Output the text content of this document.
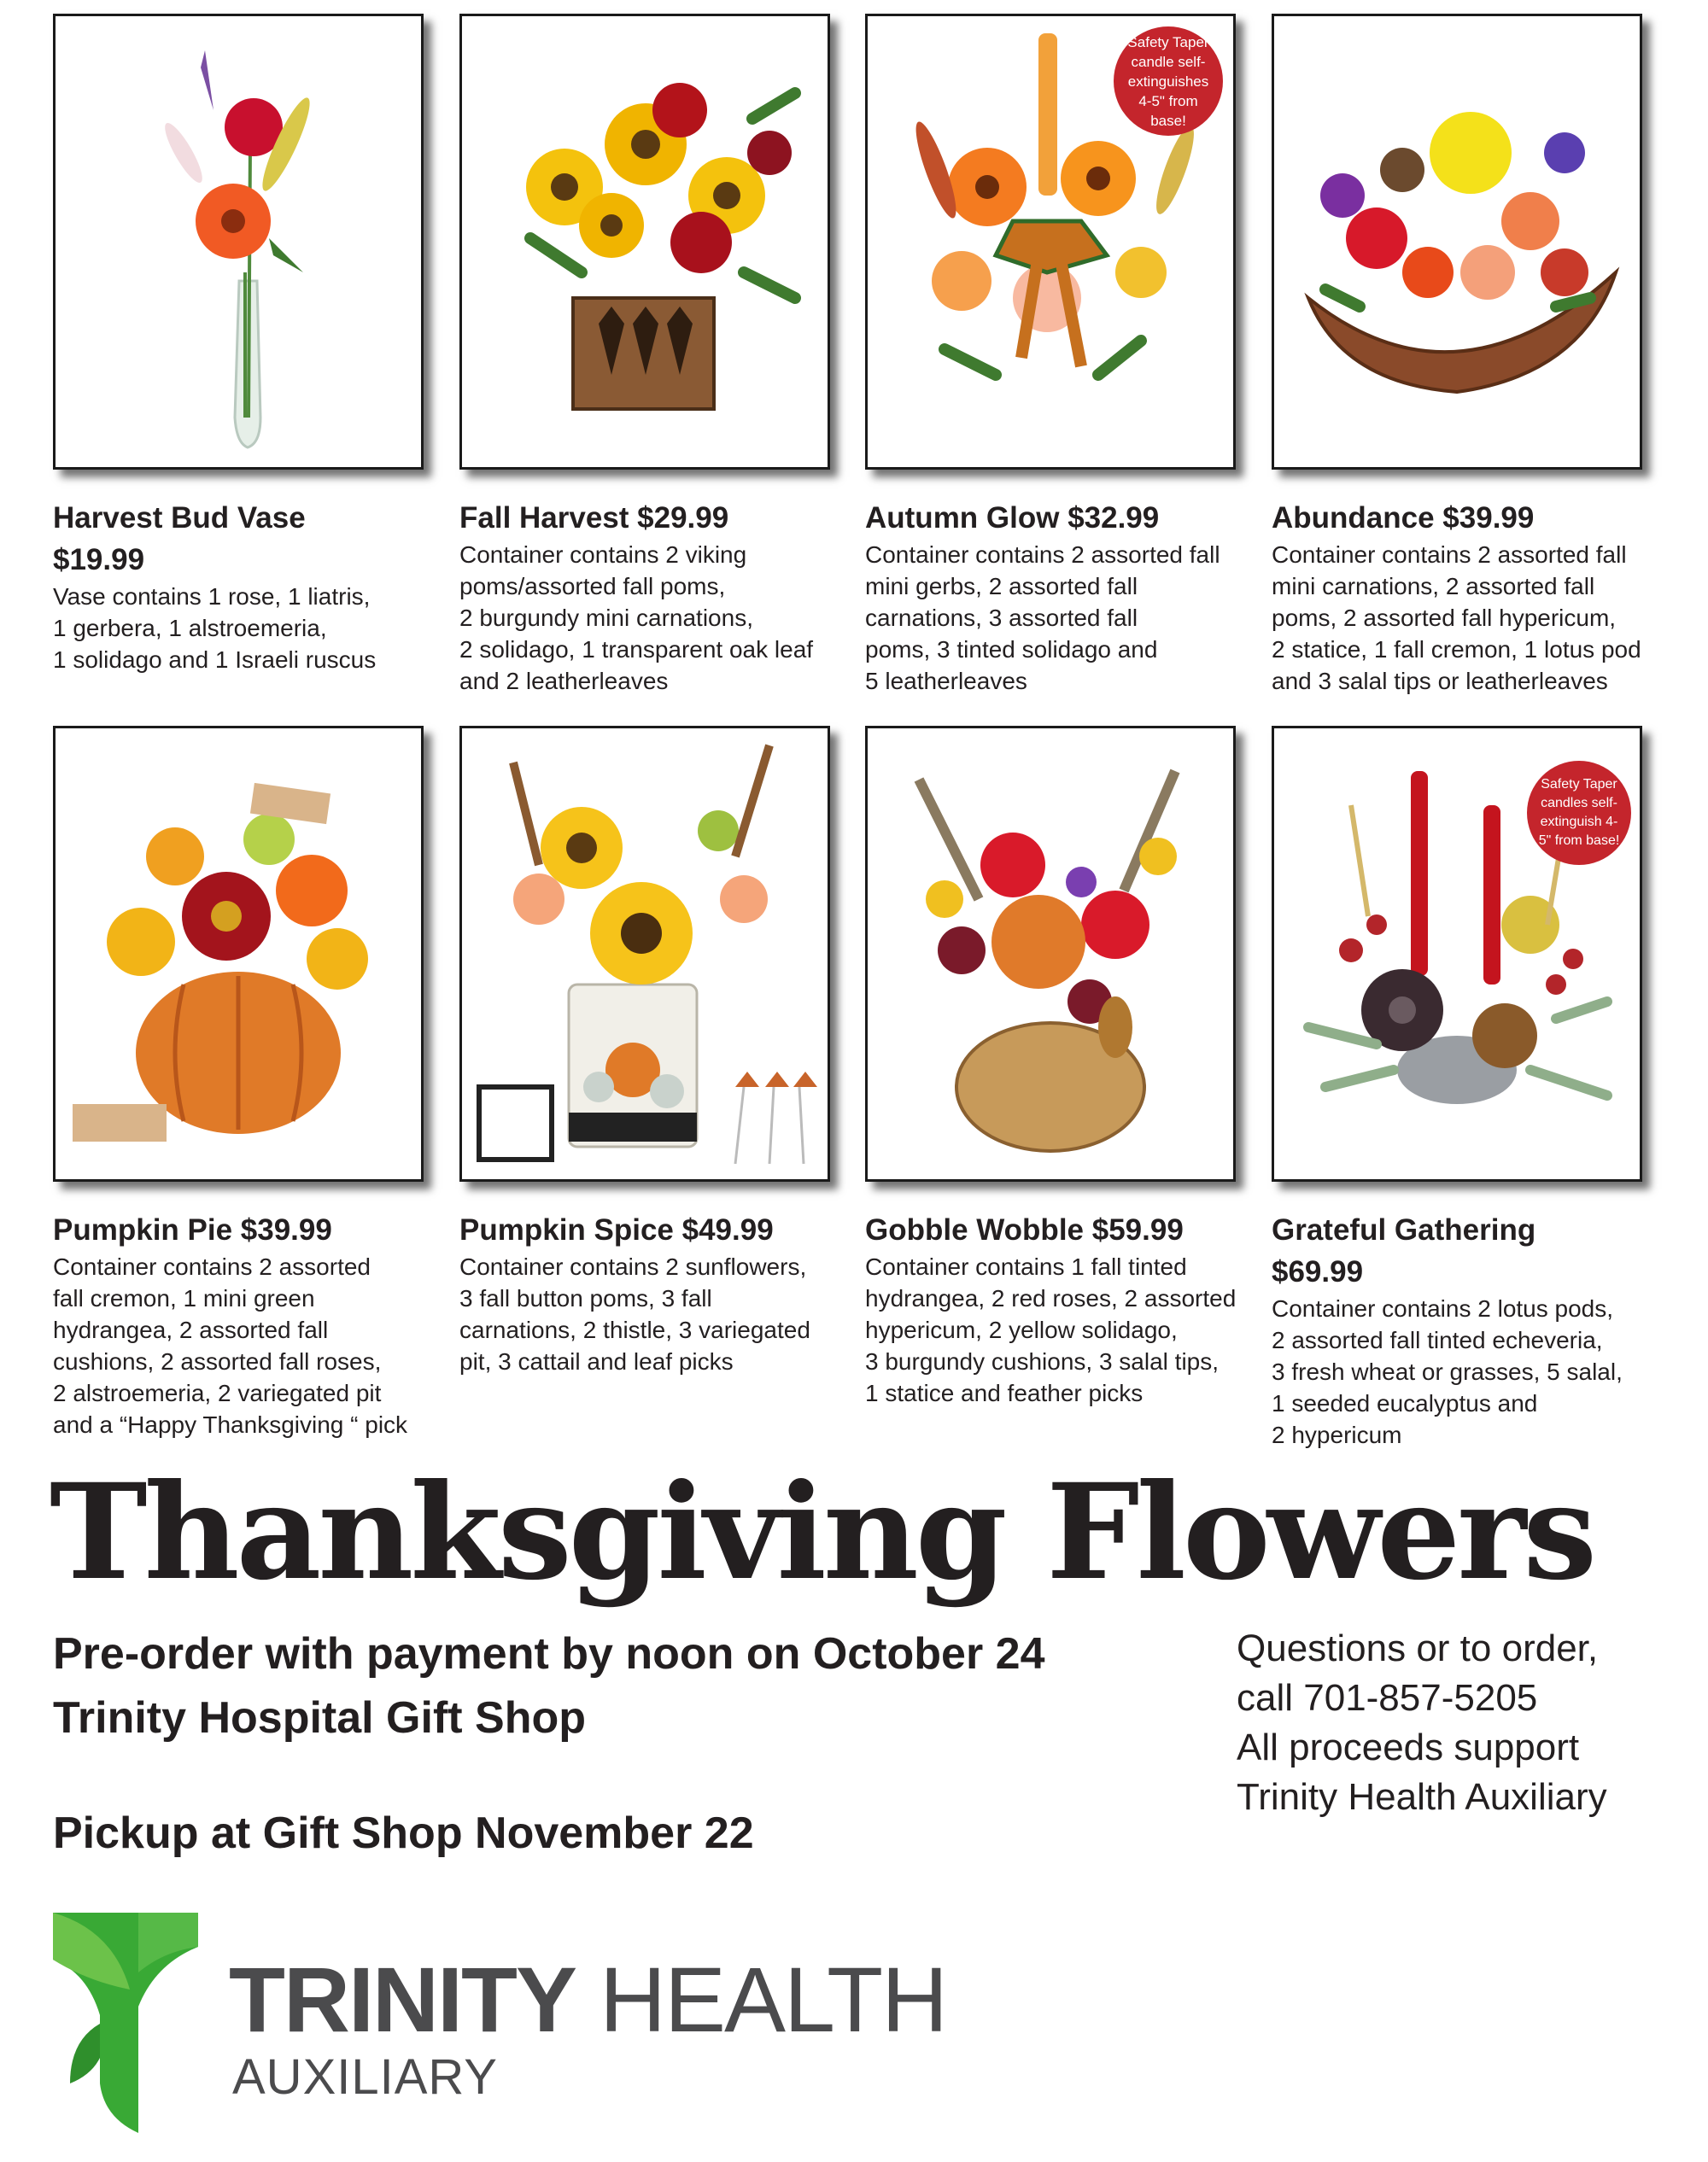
Harvest Bud Vase
$19.99
Vase contains 1 rose, 1 liatris,
1 gerbera, 1 alstroemeria,
1 solidago and 1 Israeli ruscus
Fall Harvest $29.99
Container contains 2 viking
poms/assorted fall poms,
2 burgundy mini carnations,
2 solidago, 1 transparent oak leaf
and 2 leatherleaves
Safety Taper candle self-extinguishes 4-5" from base!
Autumn Glow $32.99
Container contains 2 assorted fall
mini gerbs, 2 assorted fall
carnations, 3 assorted fall
poms, 3 tinted solidago and
5 leatherleaves
Abundance $39.99
Container contains 2 assorted fall
mini carnations, 2 assorted fall
poms, 2 assorted fall hypericum,
2 statice, 1 fall cremon, 1 lotus pod
and 3 salal tips or leatherleaves
Pumpkin Pie $39.99
Container contains 2 assorted
fall cremon, 1 mini green
hydrangea, 2 assorted fall
cushions, 2 assorted fall roses,
2 alstroemeria, 2 variegated pit
and a “Happy Thanksgiving “ pick
Pumpkin Spice $49.99
Container contains 2 sunflowers,
3 fall button poms, 3 fall
carnations, 2 thistle, 3 variegated
pit, 3 cattail and leaf picks
Gobble Wobble $59.99
Container contains 1 fall tinted
hydrangea, 2 red roses, 2 assorted
hypericum, 2 yellow solidago,
3 burgundy cushions, 3 salal tips,
1 statice and feather picks
Safety Taper candles self-extinguish 4-5" from base!
Grateful Gathering
$69.99
Container contains 2 lotus pods,
2 assorted fall tinted echeveria,
3 fresh wheat or grasses, 5 salal,
1 seeded eucalyptus and
2 hypericum
Thanksgiving Flowers
Pre-order with payment by noon on October 24
Trinity Hospital Gift Shop
Pickup at Gift Shop November 22
Questions or to order,
call 701-857-5205
All proceeds support
Trinity Health Auxiliary
TRINITY HEALTH
AUXILIARY
